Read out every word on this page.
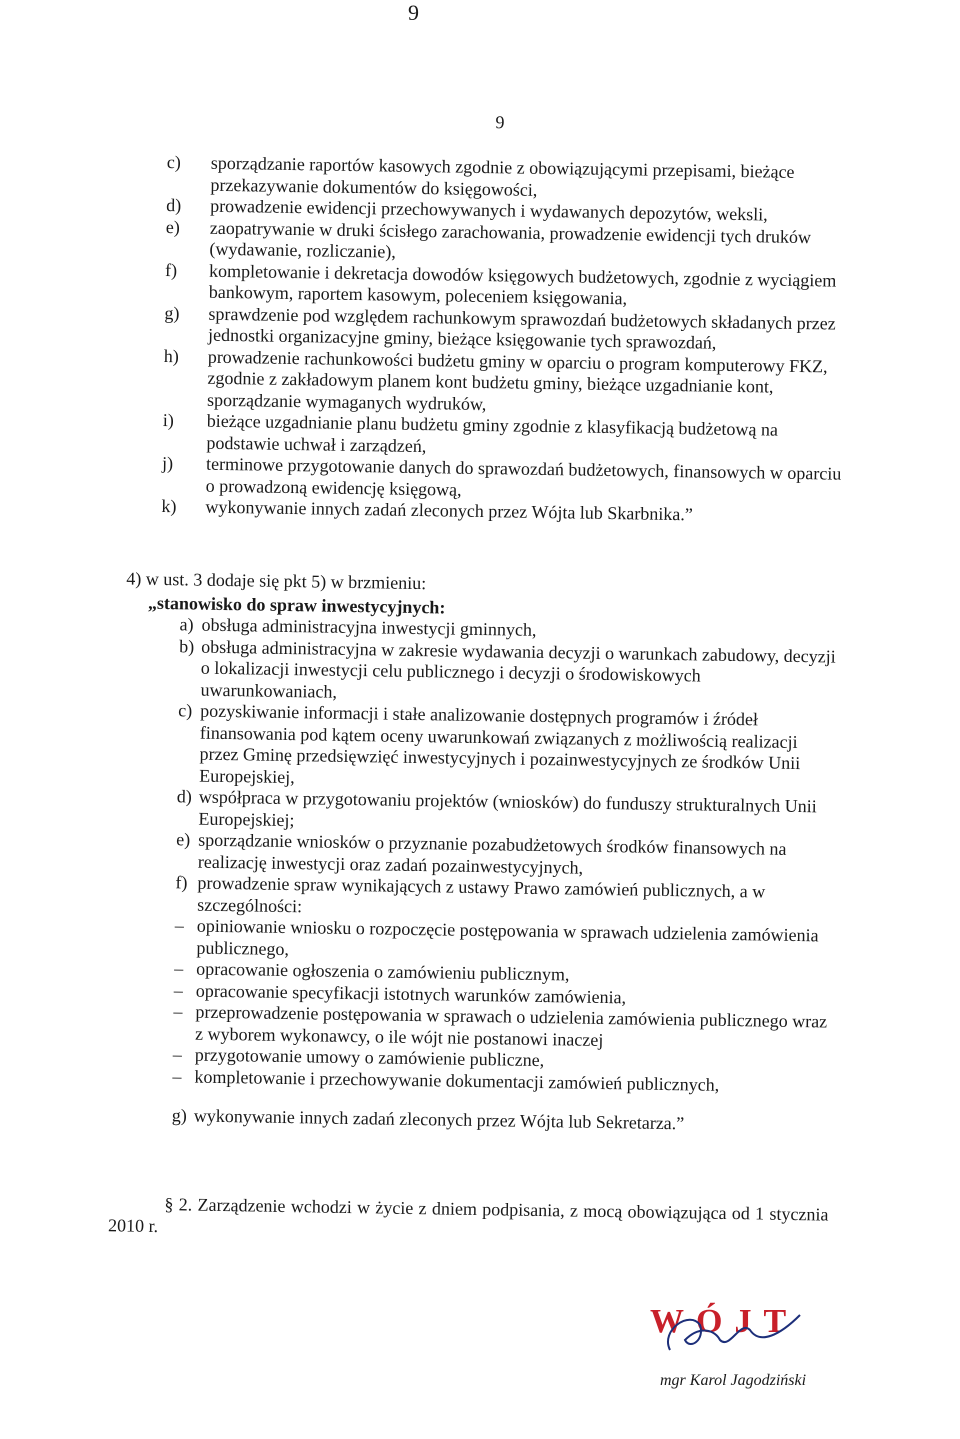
9
9

c) sporządzanie raportów kasowych zgodnie z obowiązującymi przepisami, bieżące przekazywanie dokumentów do księgowości,

d) prowadzenie ewidencji przechowywanych i wydawanych depozytów, weksli,

e) zaopatrywanie w druki ścisłego zarachowania, prowadzenie ewidencji tych druków (wydawanie, rozliczanie),

f) kompletowanie i dekretacja dowodów księgowych budżetowych, zgodnie z wyciągiem bankowym, raportem kasowym, poleceniem księgowania,

g) sprawdzenie pod względem rachunkowym sprawozdań budżetowych składanych przez jednostki organizacyjne gminy, bieżące księgowanie tych sprawozdań,

h) prowadzenie rachunkowości budżetu gminy w oparciu o program komputerowy FKZ, zgodnie z zakładowym planem kont budżetu gminy, bieżące uzgadnianie kont, sporządzanie wymaganych wydruków,

i) bieżące uzgadnianie planu budżetu gminy zgodnie z klasyfikacją budżetową na podstawie uchwał i zarządzeń,

j) terminowe przygotowanie danych do sprawozdań budżetowych, finansowych w oparciu o prowadzoną ewidencję księgową,

k) wykonywanie innych zadań zleconych przez Wójta lub Skarbnika.”

4) w ust. 3 dodaje się pkt 5) w brzmieniu:
„stanowisko do spraw inwestycyjnych:

a) obsługa administracyjna inwestycji gminnych,

b) obsługa administracyjna w zakresie wydawania decyzji o warunkach zabudowy, decyzji o lokalizacji inwestycji celu publicznego i decyzji o środowiskowych uwarunkowaniach,

c) pozyskiwanie informacji i stałe analizowanie dostępnych programów i źródeł finansowania pod kątem oceny uwarunkowań związanych z możliwością realizacji przez Gminę przedsięwzięć inwestycyjnych i pozainwestycyjnych ze środków Unii Europejskiej,

d) współpraca w przygotowaniu projektów (wniosków) do funduszy strukturalnych Unii Europejskiej;

e) sporządzanie wniosków o przyznanie pozabudżetowych środków finansowych na realizację inwestycji oraz zadań pozainwestycyjnych,

f) prowadzenie spraw wynikających z ustawy Prawo zamówień publicznych, a w szczególności:

– opiniowanie wniosku o rozpoczęcie postępowania w sprawach udzielenia zamówienia publicznego,
– opracowanie ogłoszenia o zamówieniu publicznym,
– opracowanie specyfikacji istotnych warunków zamówienia,
– przeprowadzenie postępowania w sprawach o udzielenia zamówienia publicznego wraz z wyborem wykonawcy, o ile wójt nie postanowi inaczej
– przygotowanie umowy o zamówienie publiczne,
– kompletowanie i przechowywanie dokumentacji zamówień publicznych,

g) wykonywanie innych zadań zleconych przez Wójta lub Sekretarza.”

§ 2. Zarządzenie wchodzi w życie z dniem podpisania, z mocą obowiązująca od 1 stycznia 2010 r.
WÓJT
mgr Karol Jagodziński
